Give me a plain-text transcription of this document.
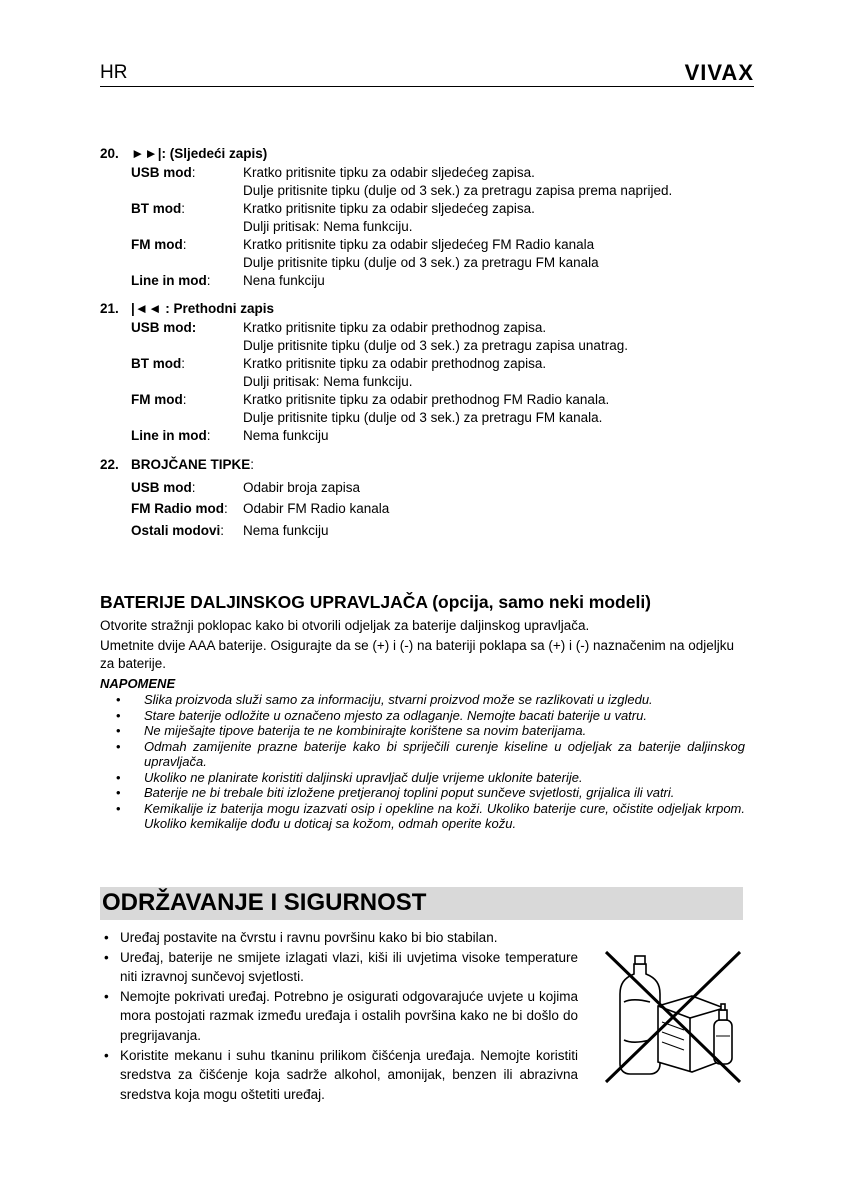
HR	VIVAX
20. ►►|: (Sljedeći zapis)
USB mod:	Kratko pritisnite tipku za odabir sljedećeg zapisa.
Dulje pritisnite tipku (dulje od 3 sek.) za pretragu zapisa prema naprijed.
BT mod:	Kratko pritisnite tipku za odabir sljedećeg zapisa.
Dulji pritisak: Nema funkciju.
FM mod:	Kratko pritisnite tipku za odabir sljedećeg FM Radio kanala
Dulje pritisnite tipku (dulje od 3 sek.) za pretragu FM kanala
Line in mod: Nena funkciju
21. |◄◄ : Prethodni zapis
USB mod:	Kratko pritisnite tipku za odabir prethodnog zapisa.
Dulje pritisnite tipku (dulje od 3 sek.) za pretragu zapisa unatrag.
BT mod:	Kratko pritisnite tipku za odabir prethodnog zapisa.
Dulji pritisak: Nema funkciju.
FM mod:	Kratko pritisnite tipku za odabir prethodnog FM Radio kanala.
Dulje pritisnite tipku (dulje od 3 sek.) za pretragu FM kanala.
Line in mod: Nema funkciju
22. BROJČANE TIPKE:
USB mod:	Odabir broja zapisa
FM Radio mod: Odabir FM Radio kanala
Ostali modovi: Nema funkciju
BATERIJE DALJINSKOG UPRAVLJAČA (opcija, samo neki modeli)
Otvorite stražnji poklopac kako bi otvorili odjeljak za baterije daljinskog upravljača.
Umetnite dvije AAA baterije. Osigurajte da se (+) i (-) na bateriji poklapa sa (+) i (-) naznačenim na odjeljku za baterije.
NAPOMENE
• Slika proizvoda služi samo za informaciju, stvarni proizvod može se razlikovati u izgledu.
• Stare baterije odložite u označeno mjesto za odlaganje. Nemojte bacati baterije u vatru.
• Ne miješajte tipove baterija te ne kombinirajte korištene sa novim baterijama.
• Odmah zamijenite prazne baterije kako bi spriječili curenje kiseline u odjeljak za baterije daljinskog upravljača.
• Ukoliko ne planirate koristiti daljinski upravljač dulje vrijeme uklonite baterije.
• Baterije ne bi trebale biti izložene pretjeranoj toplini poput sunčeve svjetlosti, grijalica ili vatri.
• Kemikalije iz baterija mogu izazvati osip i opekline na koži. Ukoliko baterije cure, očistite odjeljak krpom. Ukoliko kemikalije dođu u doticaj sa kožom, odmah operite kožu.
ODRŽAVANJE I SIGURNOST
• Uređaj postavite na čvrstu i ravnu površinu kako bi bio stabilan.
• Uređaj, baterije ne smijete izlagati vlazi, kiši ili uvjetima visoke temperature niti izravnoj sunčevoj svjetlosti.
• Nemojte pokrivati uređaj. Potrebno je osigurati odgovarajuće uvjete u kojima mora postojati razmak između uređaja i ostalih površina kako ne bi došlo do pregrijavanja.
• Koristite mekanu i suhu tkaninu prilikom čišćenja uređaja. Nemojte koristiti sredstva za čišćenje koja sadrže alkohol, amonijak, benzen ili abrazivna sredstva koja mogu oštetiti uređaj.
